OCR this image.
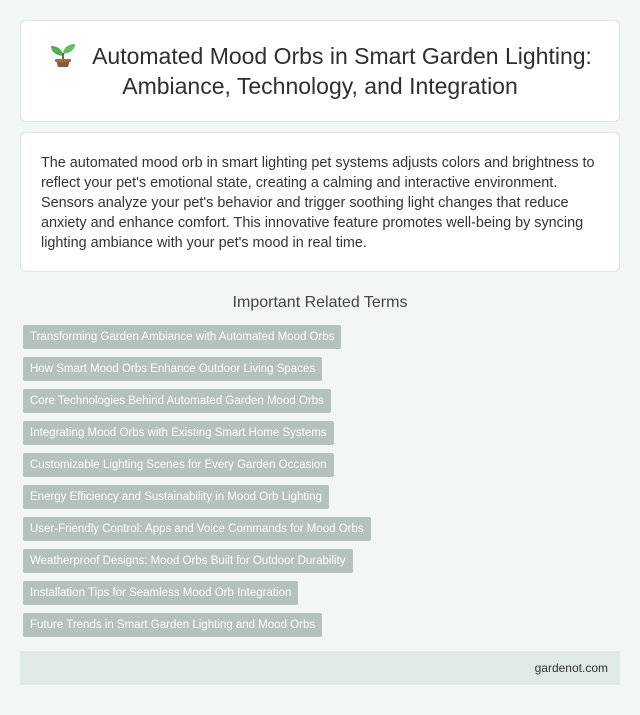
Automated Mood Orbs in Smart Garden Lighting: Ambiance, Technology, and Integration
The automated mood orb in smart lighting pet systems adjusts colors and brightness to reflect your pet's emotional state, creating a calming and interactive environment. Sensors analyze your pet's behavior and trigger soothing light changes that reduce anxiety and enhance comfort. This innovative feature promotes well-being by syncing lighting ambiance with your pet's mood in real time.
Important Related Terms
Transforming Garden Ambiance with Automated Mood Orbs
How Smart Mood Orbs Enhance Outdoor Living Spaces
Core Technologies Behind Automated Garden Mood Orbs
Integrating Mood Orbs with Existing Smart Home Systems
Customizable Lighting Scenes for Every Garden Occasion
Energy Efficiency and Sustainability in Mood Orb Lighting
User-Friendly Control: Apps and Voice Commands for Mood Orbs
Weatherproof Designs: Mood Orbs Built for Outdoor Durability
Installation Tips for Seamless Mood Orb Integration
Future Trends in Smart Garden Lighting and Mood Orbs
gardenot.com
